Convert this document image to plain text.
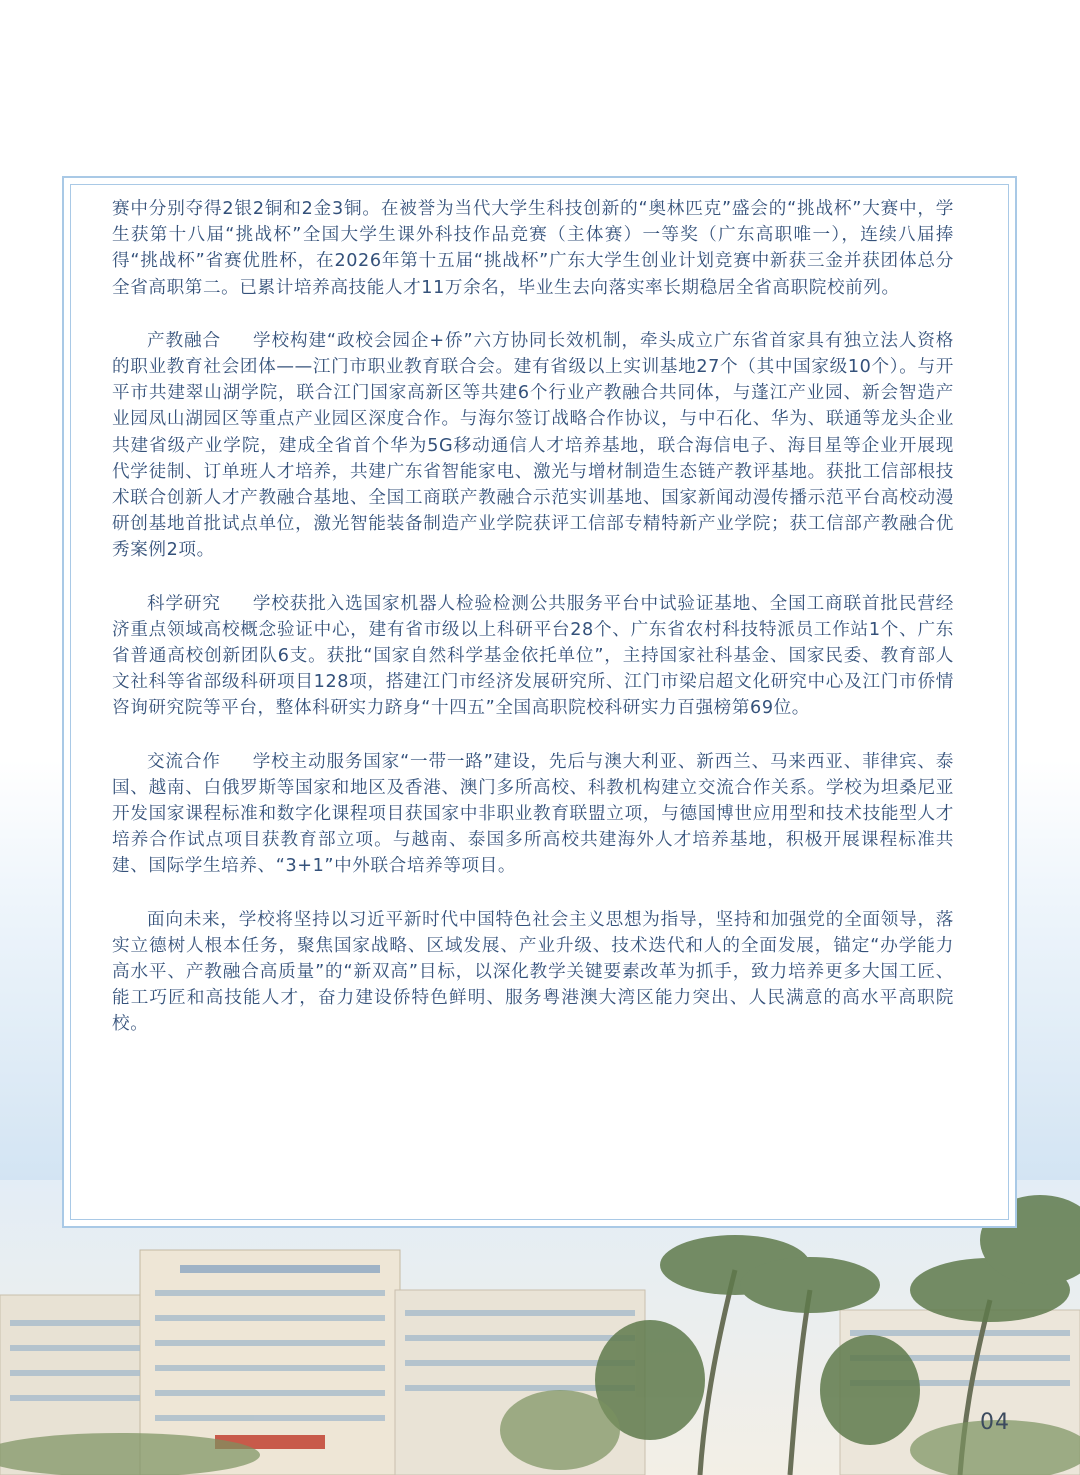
赛中分别夺得2银2铜和2金3铜。在被誉为当代大学生科技创新的“奥林匹克”盛会的“挑战杯”大赛中，学生获第十八届“挑战杯”全国大学生课外科技作品竞赛（主体赛）一等奖（广东高职唯一），连续八届捧得“挑战杯”省赛优胜杯，在2026年第十五届“挑战杯”广东大学生创业计划竞赛中新获三金并获团体总分全省高职第二。已累计培养高技能人才11万余名，毕业生去向落实率长期稳居全省高职院校前列。

产教融合 学校构建“政校会园企+侨”六方协同长效机制，牵头成立广东省首家具有独立法人资格的职业教育社会团体——江门市职业教育联合会。建有省级以上实训基地27个（其中国家级10个）。与开平市共建翠山湖学院，联合江门国家高新区等共建6个行业产教融合共同体，与蓬江产业园、新会智造产业园凤山湖园区等重点产业园区深度合作。与海尔签订战略合作协议，与中石化、华为、联通等龙头企业共建省级产业学院，建成全省首个华为5G移动通信人才培养基地，联合海信电子、海目星等企业开展现代学徒制、订单班人才培养，共建广东省智能家电、激光与增材制造生态链产教评基地。获批工信部根技术联合创新人才产教融合基地、全国工商联产教融合示范实训基地、国家新闻动漫传播示范平台高校动漫研创基地首批试点单位，激光智能装备制造产业学院获评工信部专精特新产业学院；获工信部产教融合优秀案例2项。

科学研究 学校获批入选国家机器人检验检测公共服务平台中试验证基地、全国工商联首批民营经济重点领域高校概念验证中心，建有省市级以上科研平台28个、广东省农村科技特派员工作站1个、广东省普通高校创新团队6支。获批“国家自然科学基金依托单位”，主持国家社科基金、国家民委、教育部人文社科等省部级科研项目128项，搭建江门市经济发展研究所、江门市梁启超文化研究中心及江门市侨情咨询研究院等平台，整体科研实力跻身“十四五”全国高职院校科研实力百强榜第69位。

交流合作 学校主动服务国家“一带一路”建设，先后与澳大利亚、新西兰、马来西亚、菲律宾、泰国、越南、白俄罗斯等国家和地区及香港、澳门多所高校、科教机构建立交流合作关系。学校为坦桑尼亚开发国家课程标准和数字化课程项目获国家中非职业教育联盟立项，与德国博世应用型和技术技能型人才培养合作试点项目获教育部立项。与越南、泰国多所高校共建海外人才培养基地，积极开展课程标准共建、国际学生培养、“3+1”中外联合培养等项目。

面向未来，学校将坚持以习近平新时代中国特色社会主义思想为指导，坚持和加强党的全面领导，落实立德树人根本任务，聚焦国家战略、区域发展、产业升级、技术迭代和人的全面发展，锚定“办学能力高水平、产教融合高质量”的“新双高”目标，以深化教学关键要素改革为抓手，致力培养更多大国工匠、能工巧匠和高技能人才，奋力建设侨特色鲜明、服务粤港澳大湾区能力突出、人民满意的高水平高职院校。

04
